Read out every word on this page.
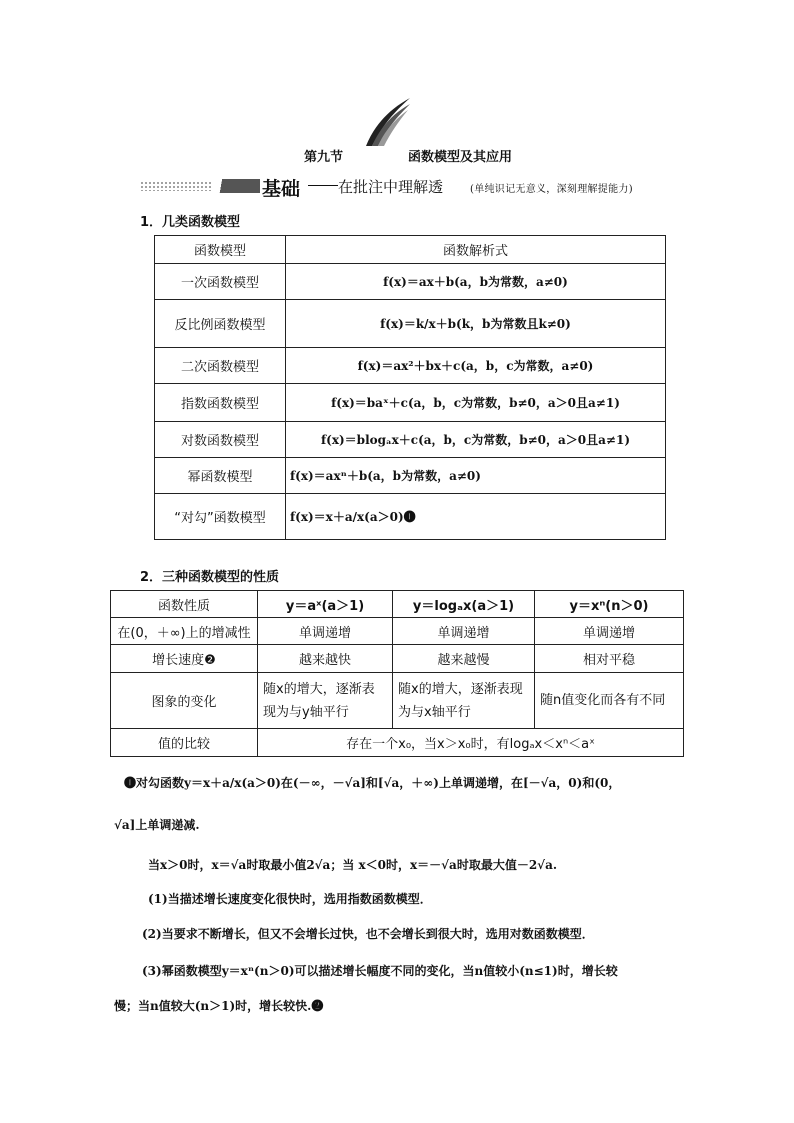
第九节	函数模型及其应用
基础	在批注中理解透	(单纯识记无意义，深刻理解提能力)
1．几类函数模型
函数模型	函数解析式
一次函数模型	f(x)＝ax＋b(a，b为常数，a≠0)
反比例函数模型	f(x)＝k/x＋b(k，b为常数且k≠0)
二次函数模型	f(x)＝ax²＋bx＋c(a，b，c为常数，a≠0)
指数函数模型	f(x)＝baˣ＋c(a，b，c为常数，b≠0，a＞0且a≠1)
对数函数模型	f(x)＝blogₐx＋c(a，b，c为常数，b≠0，a＞0且a≠1)
幂函数模型	f(x)＝axⁿ＋b(a，b为常数，a≠0)
“对勾”函数模型	f(x)＝x＋a/x(a＞0)❶
2．三种函数模型的性质
函数性质	y＝aˣ(a＞1)	y＝logₐx(a＞1)	y＝xⁿ(n＞0)
在(0，＋∞)上的增减性	单调递增	单调递增	单调递增
增长速度❷	越来越快	越来越慢	相对平稳
图象的变化	随x的增大，逐渐表现为与y轴平行	随x的增大，逐渐表现为与x轴平行	随n值变化而各有不同
值的比较	存在一个x₀，当x＞x₀时，有logₐx＜xⁿ＜aˣ		
❶对勾函数y＝x＋a/x(a＞0)在(－∞，－√a]和[√a，＋∞)上单调递增，在[－√a，0)和(0，
√a]上单调递减.
当x＞0时，x＝√a时取最小值2√a；当 x＜0时，x＝－√a时取最大值－2√a.
(1)当描述增长速度变化很快时，选用指数函数模型．
(2)当要求不断增长，但又不会增长过快，也不会增长到很大时，选用对数函数模型．
(3)幂函数模型y＝xⁿ(n＞0)可以描述增长幅度不同的变化，当n值较小(n≤1)时，增长较
慢；当n值较大(n＞1)时，增长较快.❷
